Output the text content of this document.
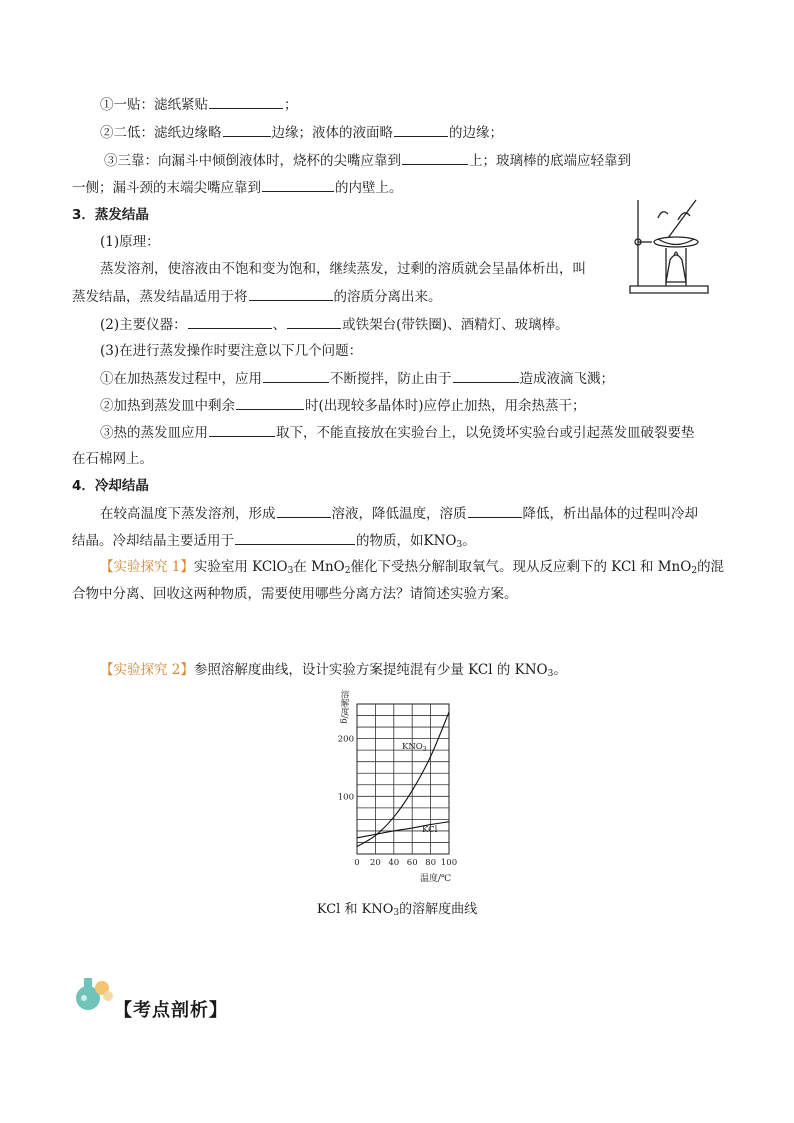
①一贴：滤纸紧贴	；
②二低：滤纸边缘略	边缘；液体的液面略	的边缘；
③三靠：向漏斗中倾倒液体时，烧杯的尖嘴应靠到	上；玻璃棒的底端应轻靠到
一侧；漏斗颈的末端尖嘴应靠到	的内壁上。
3．蒸发结晶
(1)原理：
蒸发溶剂，使溶液由不饱和变为饱和，继续蒸发，过剩的溶质就会呈晶体析出，叫
蒸发结晶，蒸发结晶适用于将	的溶质分离出来。
(2)主要仪器：	、	或铁架台(带铁圈)、酒精灯、玻璃棒。
(3)在进行蒸发操作时要注意以下几个问题：
①在加热蒸发过程中，应用	不断搅拌，防止由于	造成液滴飞溅；
②加热到蒸发皿中剩余	时(出现较多晶体时)应停止加热，用余热蒸干；
③热的蒸发皿应用	取下，不能直接放在实验台上，以免烫坏实验台或引起蒸发皿破裂要垫
在石棉网上。
4．冷却结晶
在较高温度下蒸发溶剂，形成	溶液，降低温度，溶质	降低，析出晶体的过程叫冷却
结晶。冷却结晶主要适用于	的物质，如$KNO_3$。
【实验探究 1】实验室用 KClO$_3$在 MnO$_2$催化下受热分解制取氧气。现从反应剩下的 KCl 和 MnO$_2$的混
合物中分离、回收这两种物质，需要使用哪些分离方法？请简述实验方案。
【实验探究 2】参照溶解度曲线，设计实验方案提纯混有少量 KCl 的 $KNO_3$。
0 20 40 60 80 100
100
200
溶解度/g
温度/℃
$KNO_3$
KCl
KCl 和 $KNO_3$的溶解度曲线
【考点剖析】
